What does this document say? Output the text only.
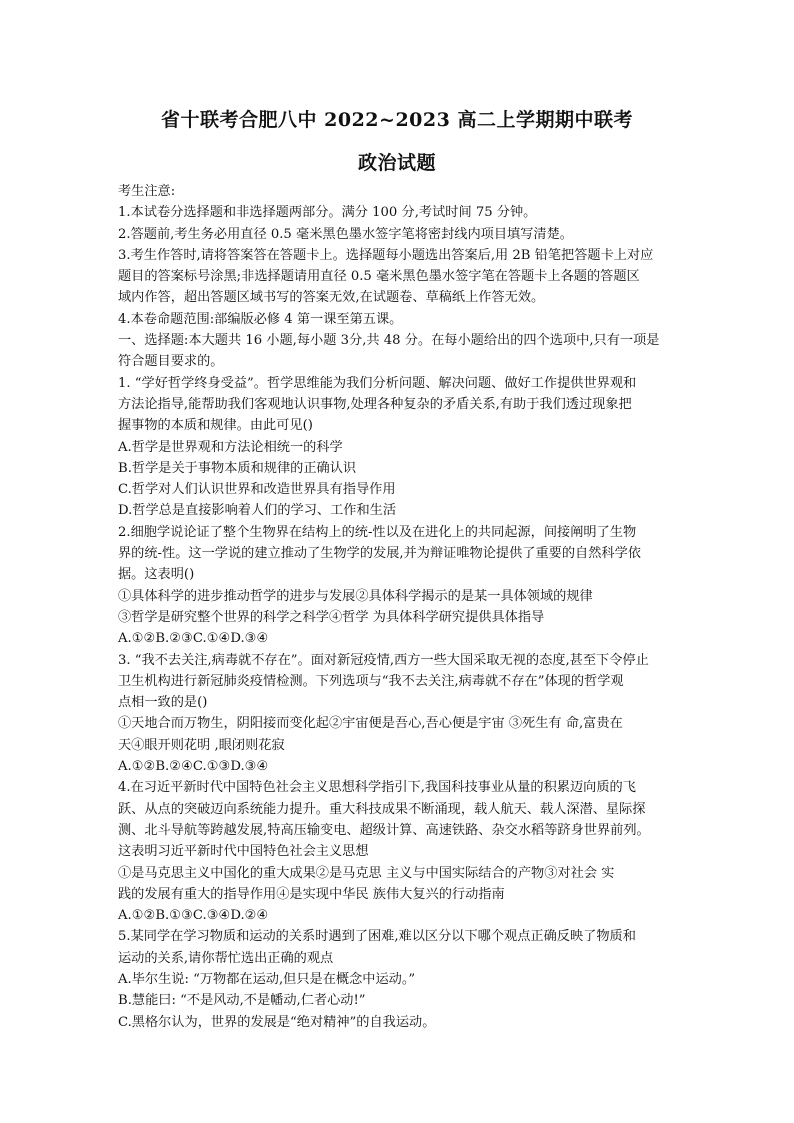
省十联考合肥八中 2022~2023 高二上学期期中联考
政治试题

考生注意:

1.本试卷分选择题和非选择题两部分。满分 100 分,考试时间 75 分钟。

2.答题前,考生务必用直径 0.5 毫米黑色墨水签字笔将密封线内项目填写清楚。

3.考生作答时,请将答案答在答题卡上。选择题每小题选出答案后,用 2B 铅笔把答题卡上对应

题目的答案标号涂黑;非选择题请用直径 0.5 毫米黑色墨水签字笔在答题卡上各题的答题区

域内作答，超出答题区域书写的答案无效,在试题卷、草稿纸上作答无效。

4.本卷命题范围:部编版必修 4 第一课至第五课。

一、选择题:本大题共 16 小题,每小题 3分,共 48 分。在每小题给出的四个选项中,只有一项是

符合题目要求的。

1. “学好哲学终身受益”。哲学思维能为我们分析问题、解决问题、做好工作提供世界观和

方法论指导,能帮助我们客观地认识事物,处理各种复杂的矛盾关系,有助于我们透过现象把

握事物的本质和规律。由此可见()

A.哲学是世界观和方法论相统一的科学

B.哲学是关于事物本质和规律的正确认识

C.哲学对人们认识世界和改造世界具有指导作用

D.哲学总是直接影响着人们的学习、工作和生活

2.细胞学说论证了整个生物界在结构上的统-性以及在进化上的共同起源，间接阐明了生物

界的统-性。这一学说的建立推动了生物学的发展,并为辩证唯物论提供了重要的自然科学依

据。这表明()

①具体科学的进步推动哲学的进步与发展②具体科学揭示的是某一具体领域的规律

③哲学是研究整个世界的科学之科学④哲学 为具体科学研究提供具体指导

A.①②B.②③C.①④D.③④

3. “我不去关注,病毒就不存在”。面对新冠疫情,西方一些大国采取无视的态度,甚至下令停止

卫生机构进行新冠肺炎疫情检测。下列选项与“我不去关注,病毒就不存在”体现的哲学观

点相一致的是()

①天地合而万物生，阴阳接而变化起②宇宙便是吾心,吾心便是宇宙 ③死生有 命,富贵在

天④眼开则花明 ,眼闭则花寂

A.①②B.②④C.①③D.③④

4.在习近平新时代中国特色社会主义思想科学指引下,我国科技事业从量的积累迈向质的飞

跃、从点的突破迈向系统能力提升。重大科技成果不断涌现，载人航天、载人深潜、星际探

测、北斗导航等跨越发展,特高压输变电、超级计算、高速铁路、杂交水稻等跻身世界前列。

这表明习近平新时代中国特色社会主义思想

①是马克思主义中国化的重大成果②是马克思 主义与中国实际结合的产物③对社会 实

践的发展有重大的指导作用④是实现中华民 族伟大复兴的行动指南

A.①②B.①③C.③④D.②④

5.某同学在学习物质和运动的关系时遇到了困难,难以区分以下哪个观点正确反映了物质和

运动的关系,请你帮忙选出正确的观点

A.毕尔生说: “万物都在运动,但只是在概念中运动。”

B.慧能曰: “不是风动,不是幡动,仁者心动!”

C.黑格尔认为，世界的发展是“绝对精神”的自我运动。
